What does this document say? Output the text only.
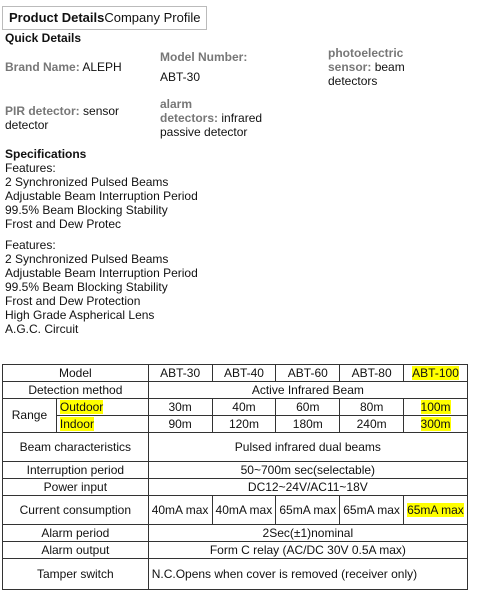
Product Details Company Profile
Quick Details
Brand Name: ALEPH
Model Number:
ABT-30
photoelectric
sensor: beam detectors
PIR detector: sensor detector
alarm
detectors: infrared passive detector
Specifications
Features:
2 Synchronized Pulsed Beams
Adjustable Beam Interruption Period
99.5% Beam Blocking Stability
Frost and Dew Protec
Features:
2 Synchronized Pulsed Beams
Adjustable Beam Interruption Period
99.5% Beam Blocking Stability
Frost and Dew Protection
High Grade Aspherical Lens
A.G.C. Circuit
Model		ABT-30	ABT-40	ABT-60	ABT-80	ABT-100
Detection method		Active Infrared Beam				
Range	Outdoor	30m	40m	60m	80m	100m
	Indoor	90m	120m	180m	240m	300m
Beam characteristics		Pulsed infrared dual beams				
Interruption period		50~700m sec(selectable)				
Power input		DC12~24V/AC11~18V				
Current consumption		40mA max	40mA max	65mA max	65mA max	65mA max
Alarm period		2Sec(±1)nominal				
Alarm output		Form C relay (AC/DC 30V 0.5A max)				
Tamper switch		N.C.Opens when cover is removed (receiver only)				
